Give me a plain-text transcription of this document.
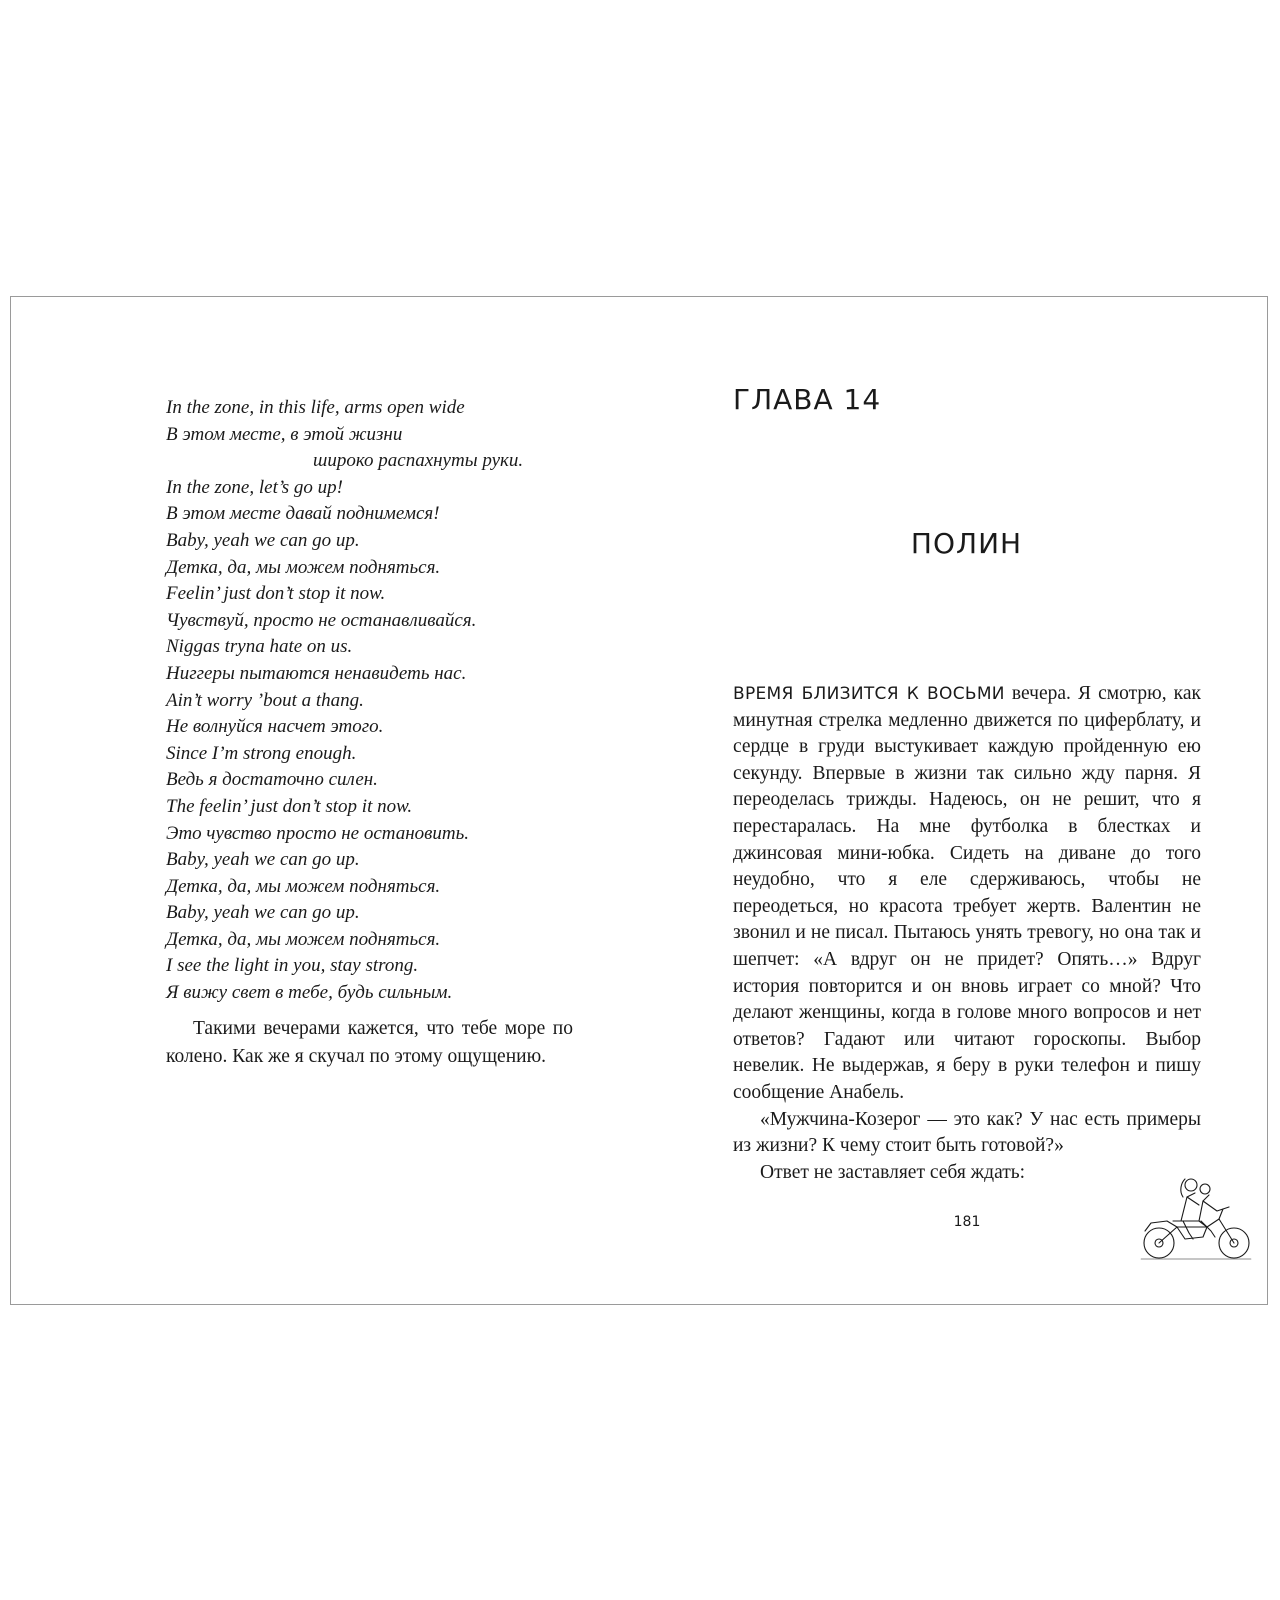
In the zone, in this life, arms open wide
В этом месте, в этой жизни
широко распахнуты руки.
In the zone, let’s go up!
В этом месте давай поднимемся!
Baby, yeah we can go up.
Детка, да, мы можем подняться.
Feelin’ just don’t stop it now.
Чувствуй, просто не останавливайся.
Niggas tryna hate on us.
Ниггеры пытаются ненавидеть нас.
Ain’t worry ’bout a thang.
Не волнуйся насчет этого.
Since I’m strong enough.
Ведь я достаточно силен.
The feelin’ just don’t stop it now.
Это чувство просто не остановить.
Baby, yeah we can go up.
Детка, да, мы можем подняться.
Baby, yeah we can go up.
Детка, да, мы можем подняться.
I see the light in you, stay strong.
Я вижу свет в тебе, будь сильным.

Такими вечерами кажется, что тебе море по колено. Как же я скучал по этому ощущению.

ГЛАВА 14
ПОЛИН

ВРЕМЯ БЛИЗИТСЯ К ВОСЬМИ вечера. Я смотрю, как минутная стрелка медленно движется по циферблату, и сердце в груди выстукивает каждую пройденную ею секунду. Впервые в жизни так сильно жду парня. Я переоделась трижды. Надеюсь, он не решит, что я перестаралась. На мне футболка в блестках и джинсовая мини-юбка. Сидеть на диване до того неудобно, что я еле сдерживаюсь, чтобы не переодеться, но красота требует жертв. Валентин не звонил и не писал. Пытаюсь унять тревогу, но она так и шепчет: «А вдруг он не придет? Опять…» Вдруг история повторится и он вновь играет со мной? Что делают женщины, когда в голове много вопросов и нет ответов? Гадают или читают гороскопы. Выбор невелик. Не выдержав, я беру в руки телефон и пишу сообщение Анабель.

«Мужчина-Козерог — это как? У нас есть примеры из жизни? К чему стоит быть готовой?»

Ответ не заставляет себя ждать:

181
